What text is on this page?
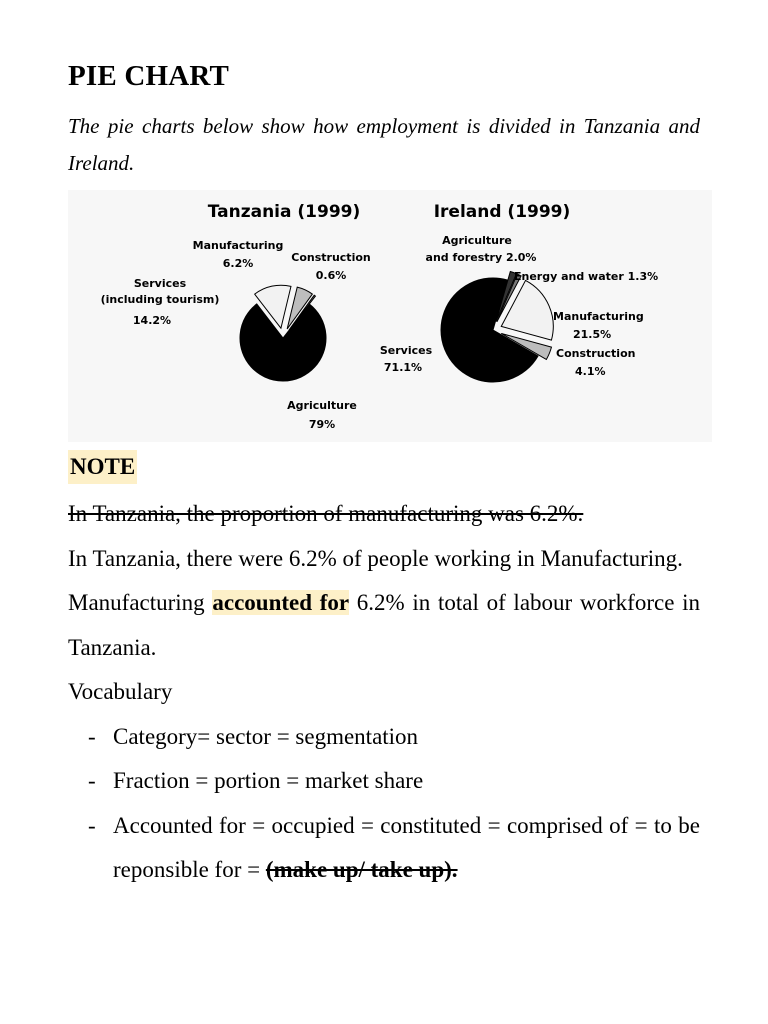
PIE CHART

The pie charts below show how employment is divided in Tanzania and Ireland.

Tanzania (1999)
Manufacturing
6.2%	Construction
0.6%
Services
(including tourism)
14.2%
Agriculture
79%
Ireland (1999)
Agriculture
and forestry 2.0%
Energy and water 1.3%
Manufacturing
21.5%
Construction
4.1%
Services
71.1%
NOTE

In Tanzania, the proportion of manufacturing was 6.2%.

In Tanzania, there were 6.2% of people working in Manufacturing.

Manufacturing accounted for 6.2% in total of labour workforce in Tanzania.

Vocabulary

- Category= sector = segmentation
- Fraction = portion = market share
- Accounted for = occupied = constituted = comprised of = to be reponsible for = (make up/ take up).
